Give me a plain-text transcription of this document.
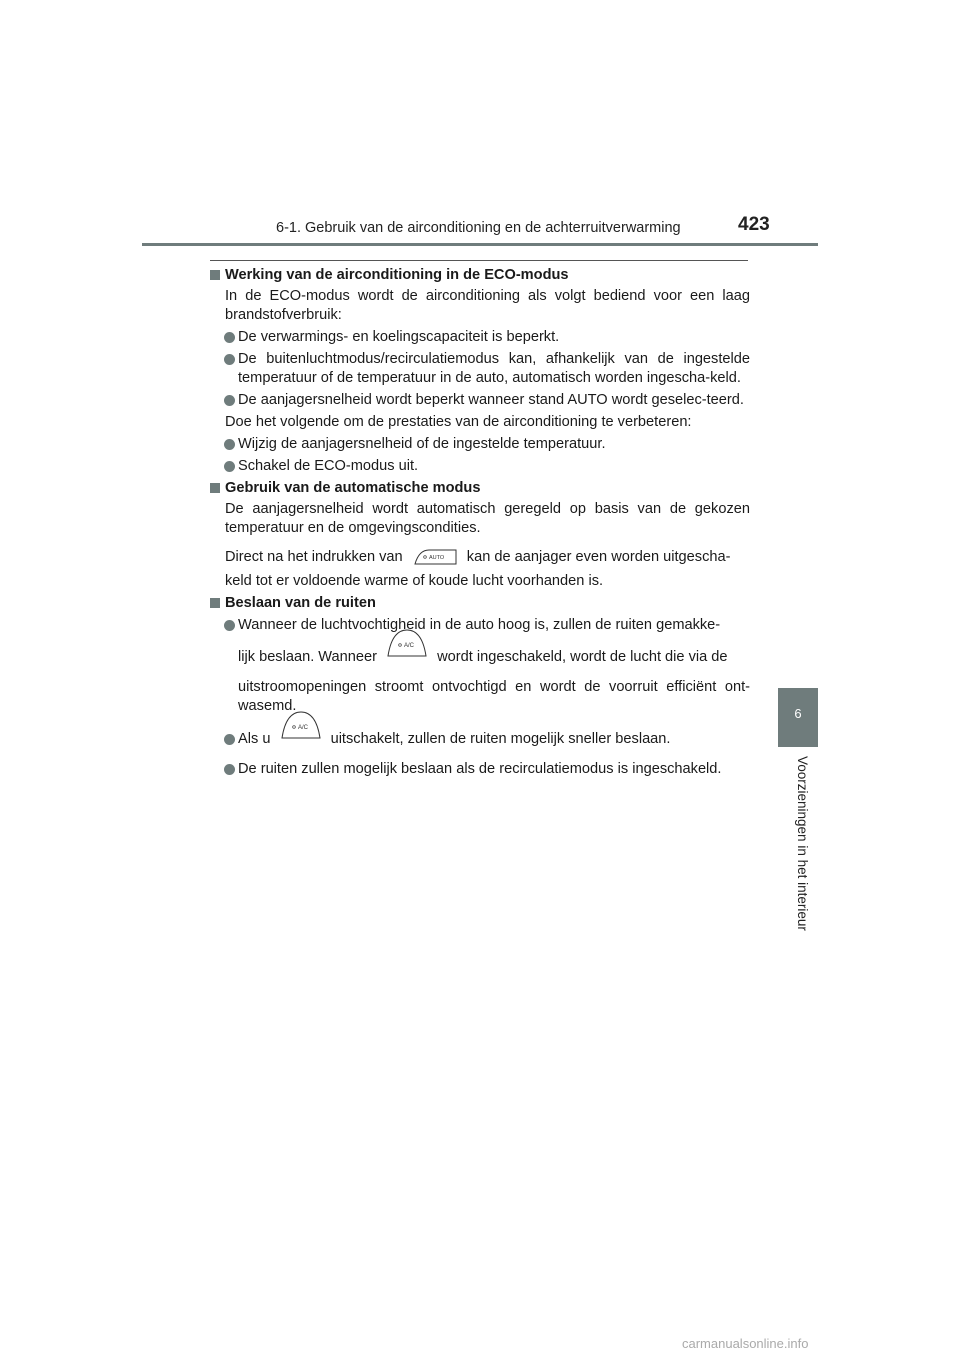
6-1. Gebruik van de airconditioning en de achterruitverwarming	423
6
Voorzieningen in het interieur
Werking van de airconditioning in de ECO-modus
In de ECO-modus wordt de airconditioning als volgt bediend voor een laag brandstofverbruik:
De verwarmings- en koelingscapaciteit is beperkt.
De buitenluchtmodus/recirculatiemodus kan, afhankelijk van de ingestelde temperatuur of de temperatuur in de auto, automatisch worden ingescha-keld.
De aanjagersnelheid wordt beperkt wanneer stand AUTO wordt geselec-teerd.
Doe het volgende om de prestaties van de airconditioning te verbeteren:
Wijzig de aanjagersnelheid of de ingestelde temperatuur.
Schakel de ECO-modus uit.
Gebruik van de automatische modus
De aanjagersnelheid wordt automatisch geregeld op basis van de gekozen temperatuur en de omgevingscondities.
Direct na het indrukken van	AUTO kan de aanjager even worden uitgescha-
keld tot er voldoende warme of koude lucht voorhanden is.
Beslaan van de ruiten
Wanneer de luchtvochtigheid in de auto hoog is, zullen de ruiten gemakke-
lijk beslaan. Wanneer
A/C
wordt ingeschakeld, wordt de lucht die via de
uitstroomopeningen stroomt ontvochtigd en wordt de voorruit efficiënt ont-wasemd.
Als u
A/C
uitschakelt, zullen de ruiten mogelijk sneller beslaan.
De ruiten zullen mogelijk beslaan als de recirculatiemodus is ingeschakeld.
carmanualsonline.info
